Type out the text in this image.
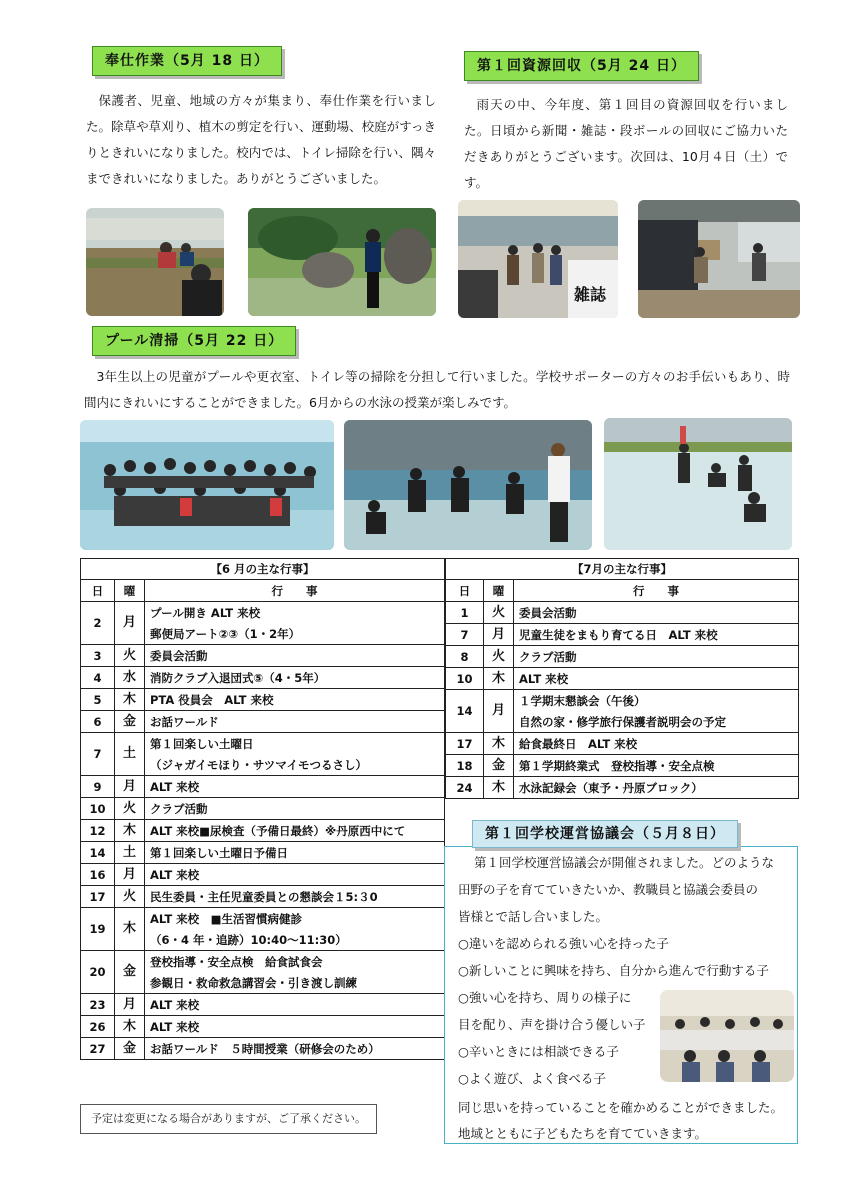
奉仕作業（5月 18 日）	第１回資源回収（5月 24 日）
プール清掃（5月 22 日）
保護者、児童、地域の方々が集まり、奉仕作業を行いました。除草や草刈り、植木の剪定を行い、運動場、校庭がすっきりときれいになりました。校内では、トイレ掃除を行い、隅々まできれいになりました。ありがとうございました。
雨天の中、今年度、第１回目の資源回収を行いました。日頃から新聞・雑誌・段ボールの回収にご協力いただきありがとうございます。次回は、10月４日（土）です。
3年生以上の児童がプールや更衣室、トイレ等の掃除を分担して行いました。学校サポーターの方々のお手伝いもあり、時間内にきれいにすることができました。6月からの水泳の授業が楽しみです。
雑誌
【6 月の主な行事】		
日	曜	行　　事
2	月	プール開き ALT 来校
		郵便局アート②③（1・2年）
3	火	委員会活動
4	水	消防クラブ入退団式⑤（4・5年）
5	木	PTA 役員会　ALT 来校
6	金	お話ワールド
7	土	第１回楽しい土曜日
		（ジャガイモほり・サツマイモつるさし）
9	月	ALT 来校
10	火	クラブ活動
12	木	ALT 来校■尿検査（予備日最終）※丹原西中にて
14	土	第１回楽しい土曜日予備日
16	月	ALT 来校
17	火	民生委員・主任児童委員との懇談会１5:３0
19	木	ALT 来校　■生活習慣病健診
		（6・4 年・追跡）10:40～11:30）
20	金	登校指導・安全点検　給食試食会
		参観日・救命救急講習会・引き渡し訓練
23	月	ALT 来校
26	木	ALT 来校
27	金	お話ワールド　５時間授業（研修会のため）
【7月の主な行事】		
日	曜	行　　事
1	火	委員会活動
7	月	児童生徒をまもり育てる日　ALT 来校
8	火	クラブ活動
10	木	ALT 来校
14	月	１学期末懇談会（午後）
		自然の家・修学旅行保護者説明会の予定
17	木	給食最終日　ALT 来校
18	金	第１学期終業式　登校指導・安全点検
24	木	水泳記録会（東予・丹原ブロック）
予定は変更になる場合がありますが、ご了承ください。
第１回学校運営協議会（５月８日）
第１回学校運営協議会が開催されました。どのような
田野の子を育てていきたいか、教職員と協議会委員の
皆様とで話し合いました。
○違いを認められる強い心を持った子
○新しいことに興味を持ち、自分から進んで行動する子
○強い心を持ち、周りの様子に
目を配り、声を掛け合う優しい子
○辛いときには相談できる子
○よく遊び、よく食べる子
同じ思いを持っていることを確かめることができました。
地域とともに子どもたちを育てていきます。
